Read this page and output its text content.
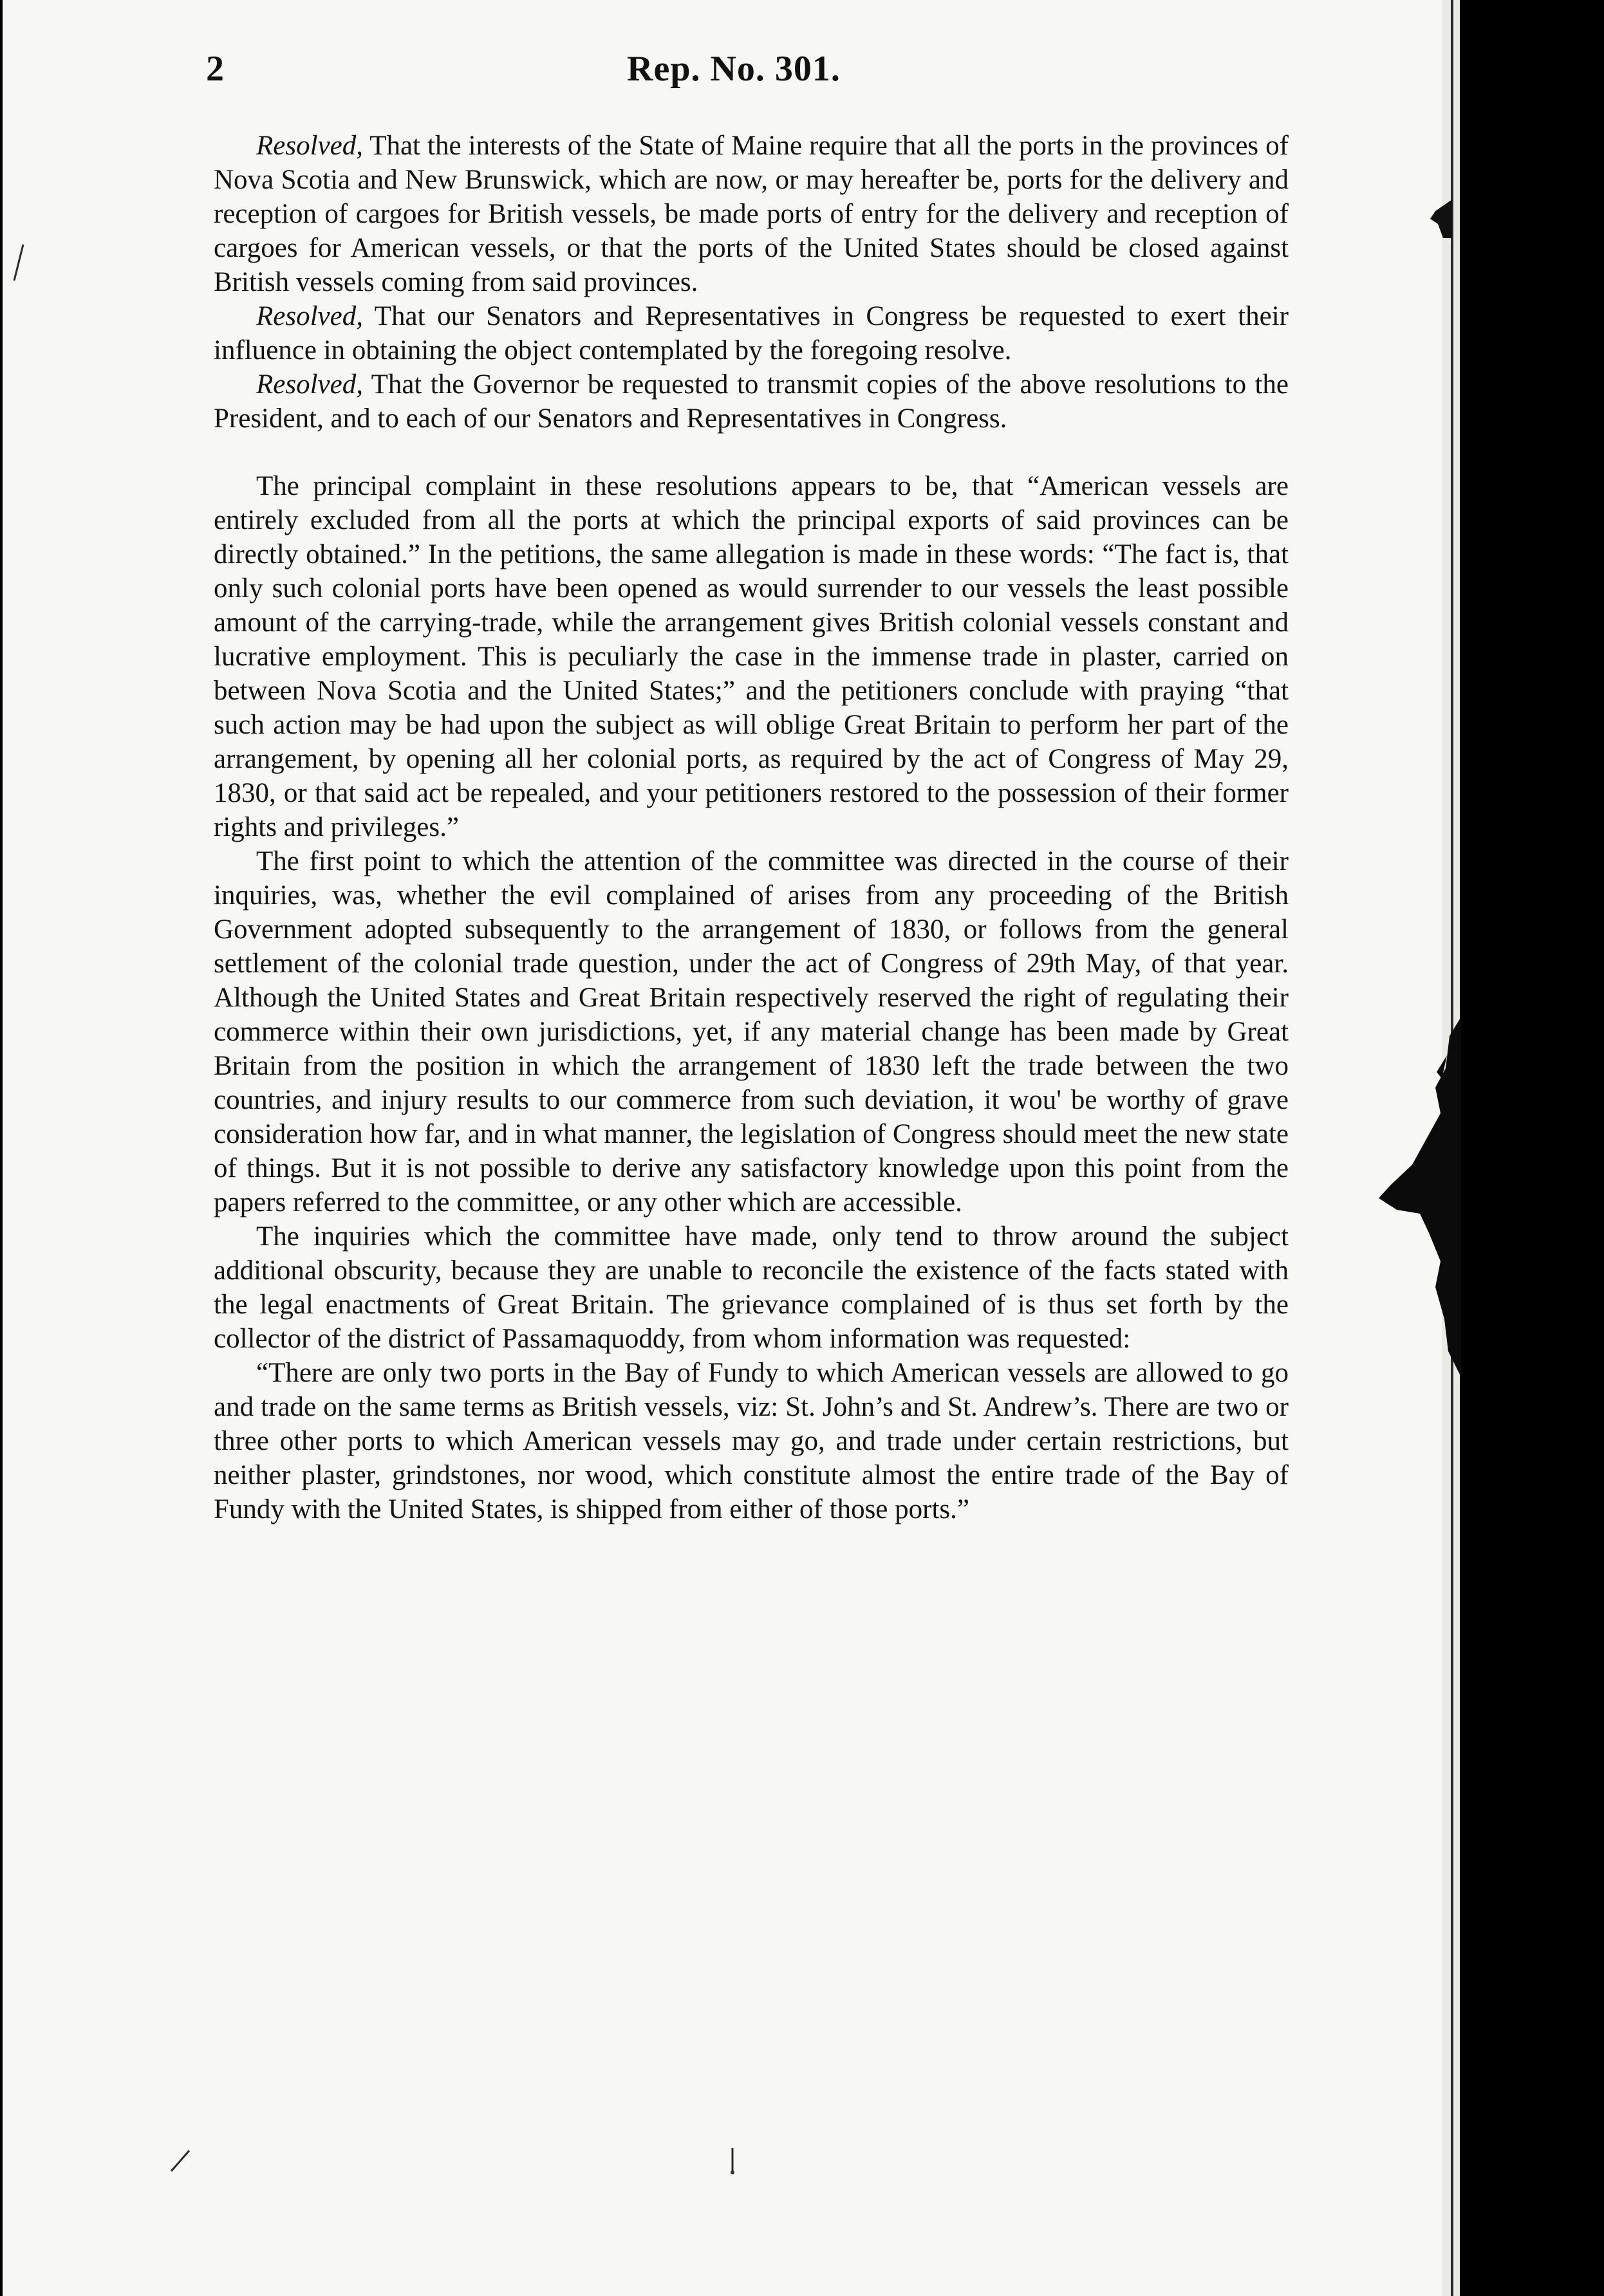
2	Rep. No. 301.

Resolved, That the interests of the State of Maine require that all the ports in the provinces of Nova Scotia and New Brunswick, which are now, or may hereafter be, ports for the delivery and reception of cargoes for British vessels, be made ports of entry for the delivery and reception of cargoes for American vessels, or that the ports of the United States should be closed against British vessels coming from said provinces.

Resolved, That our Senators and Representatives in Congress be requested to exert their influence in obtaining the object contemplated by the foregoing resolve.

Resolved, That the Governor be requested to transmit copies of the above resolutions to the President, and to each of our Senators and Representatives in Congress.

The principal complaint in these resolutions appears to be, that “American vessels are entirely excluded from all the ports at which the principal exports of said provinces can be directly obtained.” In the petitions, the same allegation is made in these words: “The fact is, that only such colonial ports have been opened as would surrender to our vessels the least possible amount of the carrying-trade, while the arrangement gives British colonial vessels constant and lucrative employment. This is peculiarly the case in the immense trade in plaster, carried on between Nova Scotia and the United States;” and the petitioners conclude with praying “that such action may be had upon the subject as will oblige Great Britain to perform her part of the arrangement, by opening all her colonial ports, as required by the act of Congress of May 29, 1830, or that said act be repealed, and your petitioners restored to the possession of their former rights and privileges.”

The first point to which the attention of the committee was directed in the course of their inquiries, was, whether the evil complained of arises from any proceeding of the British Government adopted subsequently to the arrangement of 1830, or follows from the general settlement of the colonial trade question, under the act of Congress of 29th May, of that year. Although the United States and Great Britain respectively reserved the right of regulating their commerce within their own jurisdictions, yet, if any material change has been made by Great Britain from the position in which the arrangement of 1830 left the trade between the two countries, and injury results to our commerce from such deviation, it wou' be worthy of grave consideration how far, and in what manner, the legislation of Congress should meet the new state of things. But it is not possible to derive any satisfactory knowledge upon this point from the papers referred to the committee, or any other which are accessible.

The inquiries which the committee have made, only tend to throw around the subject additional obscurity, because they are unable to reconcile the existence of the facts stated with the legal enactments of Great Britain. The grievance complained of is thus set forth by the collector of the district of Passamaquoddy, from whom information was requested:

“There are only two ports in the Bay of Fundy to which American vessels are allowed to go and trade on the same terms as British vessels, viz: St. John’s and St. Andrew’s. There are two or three other ports to which American vessels may go, and trade under certain restrictions, but neither plaster, grindstones, nor wood, which constitute almost the entire trade of the Bay of Fundy with the United States, is shipped from either of those ports.”
